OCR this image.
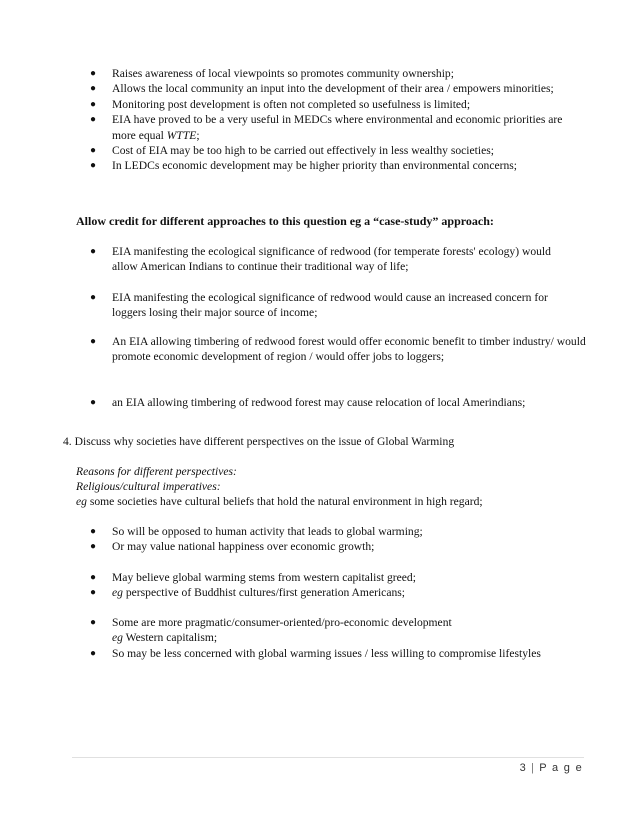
● Raises awareness of local viewpoints so promotes community ownership;
● Allows the local community an input into the development of their area / empowers minorities;
● Monitoring post development is often not completed so usefulness is limited;
● EIA have proved to be a very useful in MEDCs where environmental and economic priorities are more equal WTTE;
● Cost of EIA may be too high to be carried out effectively in less wealthy societies;
● In LEDCs economic development may be higher priority than environmental concerns;
Allow credit for different approaches to this question eg a “case-study” approach:
● EIA manifesting the ecological significance of redwood (for temperate forests' ecology) would allow American Indians to continue their traditional way of life;
● EIA manifesting the ecological significance of redwood would cause an increased concern for loggers losing their major source of income;
● An EIA allowing timbering of redwood forest would offer economic benefit to timber industry/ would promote economic development of region / would offer jobs to loggers;
● an EIA allowing timbering of redwood forest may cause relocation of local Amerindians;
4. Discuss why societies have different perspectives on the issue of Global Warming
Reasons for different perspectives:
Religious/cultural imperatives:
eg some societies have cultural beliefs that hold the natural environment in high regard;
● So will be opposed to human activity that leads to global warming;
● Or may value national happiness over economic growth;
● May believe global warming stems from western capitalist greed;
● eg perspective of Buddhist cultures/first generation Americans;
● Some are more pragmatic/consumer-oriented/pro-economic development
eg Western capitalism;
● So may be less concerned with global warming issues / less willing to compromise lifestyles
3 | P a g e
